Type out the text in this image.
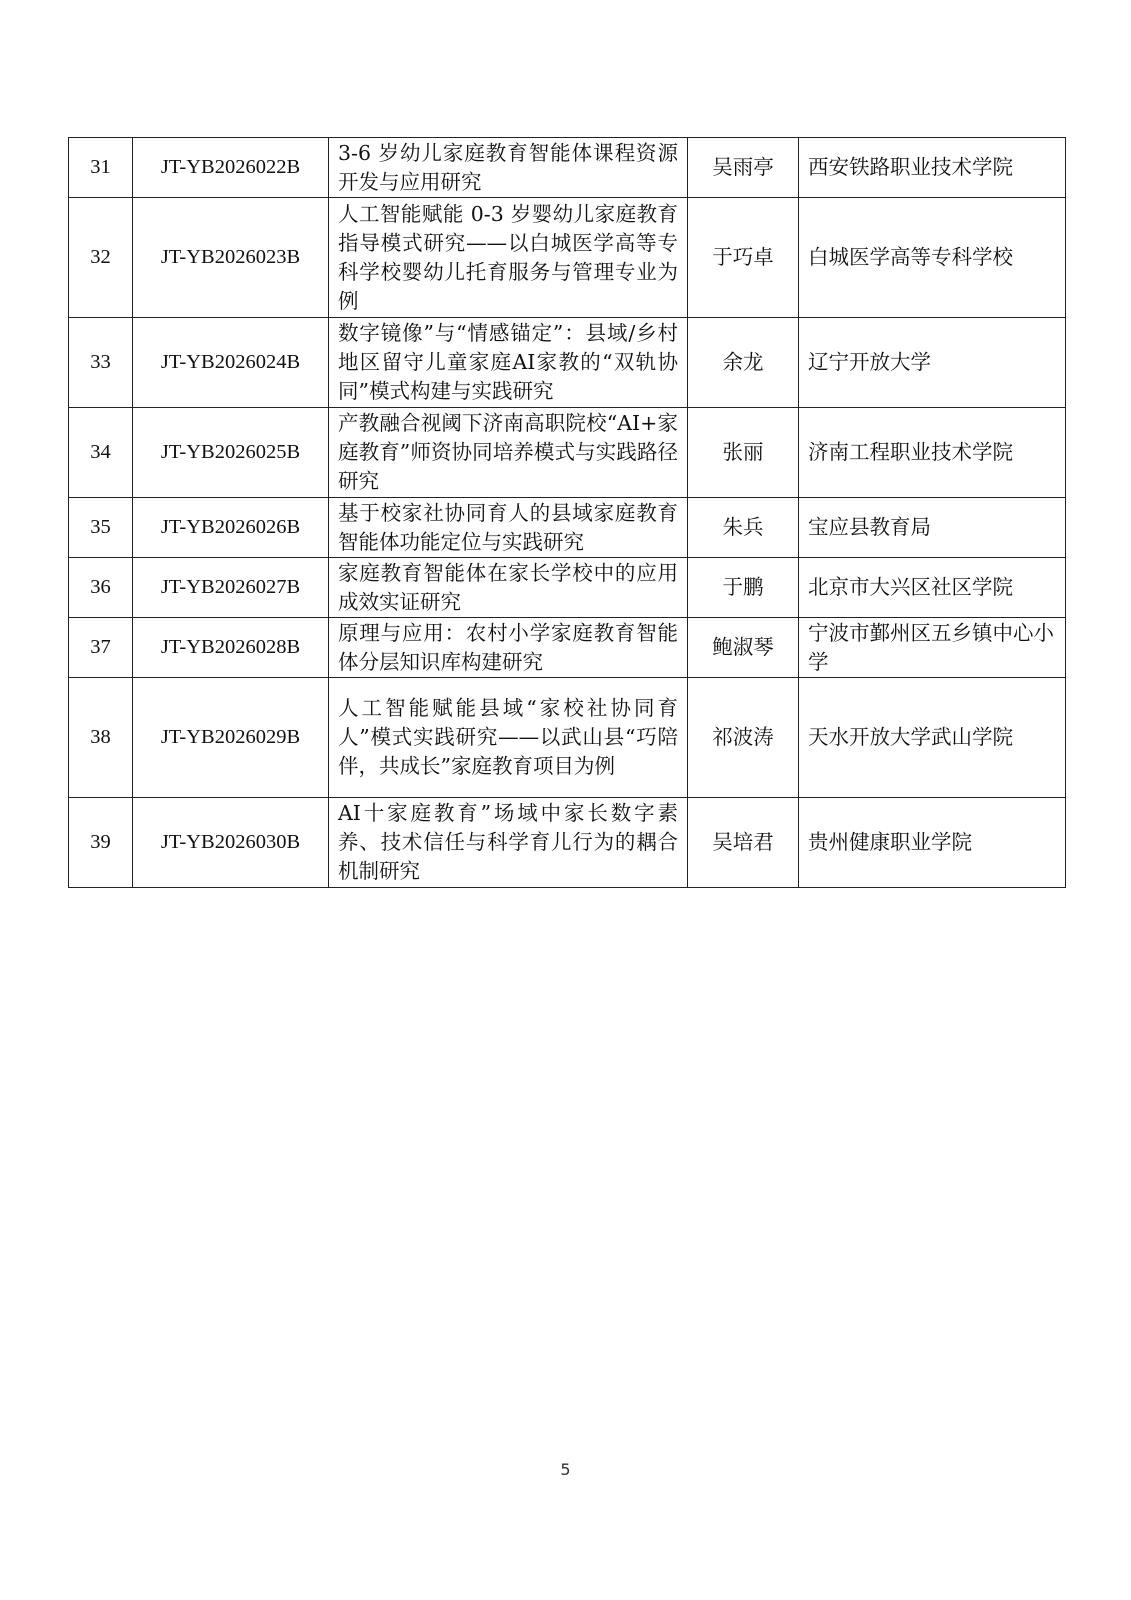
31	JT-YB2026022B	3-6 岁幼儿家庭教育智能体课程资源开发与应用研究	吴雨亭	西安铁路职业技术学院
32	JT-YB2026023B	人工智能赋能 0-3 岁婴幼儿家庭教育指导模式研究——以白城医学高等专科学校婴幼儿托育服务与管理专业为例	于巧卓	白城医学高等专科学校
33	JT-YB2026024B	数字镜像”与“情感锚定”：县域/乡村地区留守儿童家庭AI家教的“双轨协同”模式构建与实践研究	余龙	辽宁开放大学
34	JT-YB2026025B	产教融合视阈下济南高职院校“AI+家庭教育”师资协同培养模式与实践路径研究	张丽	济南工程职业技术学院
35	JT-YB2026026B	基于校家社协同育人的县域家庭教育智能体功能定位与实践研究	朱兵	宝应县教育局
36	JT-YB2026027B	家庭教育智能体在家长学校中的应用成效实证研究	于鹏	北京市大兴区社区学院
37	JT-YB2026028B	原理与应用：农村小学家庭教育智能体分层知识库构建研究	鲍淑琴	宁波市鄞州区五乡镇中心小学
38	JT-YB2026029B	人工智能赋能县域“家校社协同育人”模式实践研究——以武山县“巧陪伴，共成长”家庭教育项目为例	祁波涛	天水开放大学武山学院
39	JT-YB2026030B	AI十家庭教育”场域中家长数字素养、技术信任与科学育儿行为的耦合机制研究	吴培君	贵州健康职业学院
5
